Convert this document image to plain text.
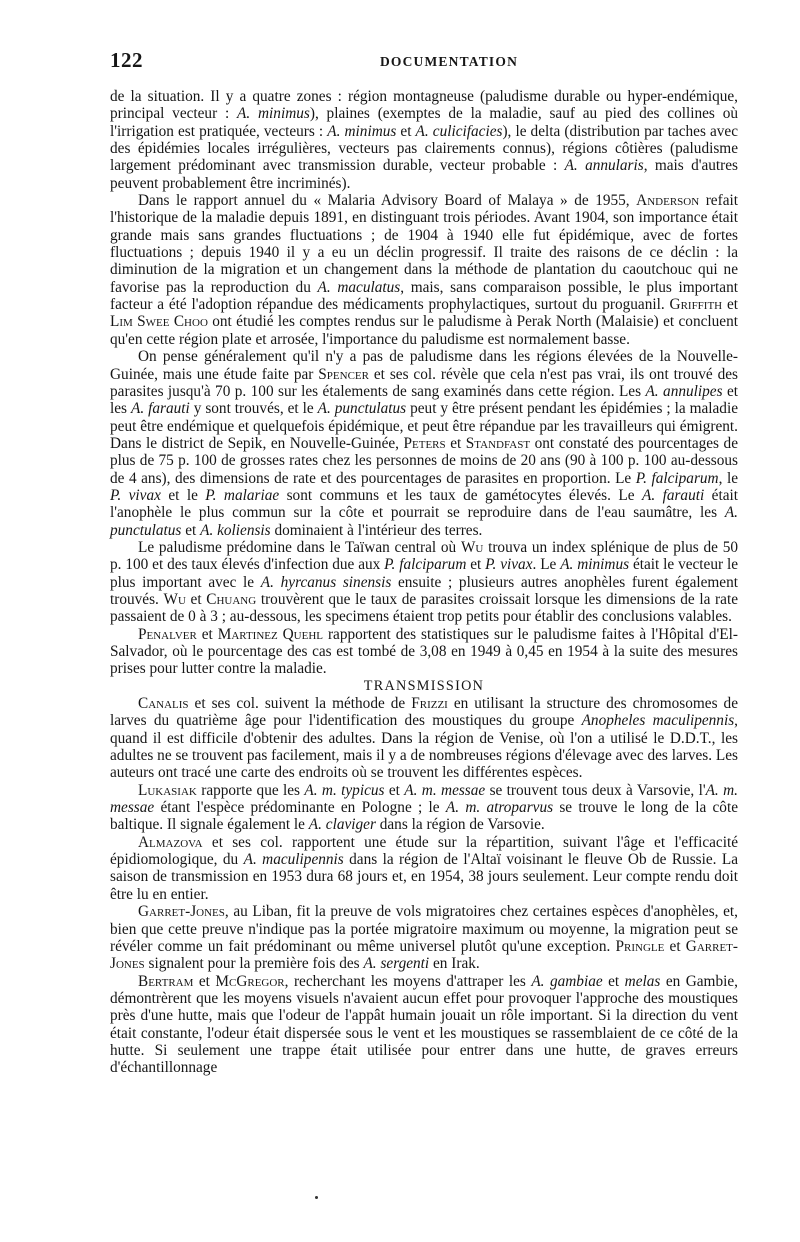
122	DOCUMENTATION

de la situation. Il y a quatre zones : région montagneuse (paludisme durable ou hyper-endémique, principal vecteur : A. minimus), plaines (exemptes de la maladie, sauf au pied des collines où l'irrigation est pratiquée, vecteurs : A. minimus et A. culicifacies), le delta (distribution par taches avec des épidémies locales irrégulières, vecteurs pas clairements connus), régions côtières (paludisme largement prédominant avec transmission durable, vecteur probable : A. annularis, mais d'autres peuvent probablement être incriminés).

Dans le rapport annuel du « Malaria Advisory Board of Malaya » de 1955, Anderson refait l'historique de la maladie depuis 1891, en distinguant trois périodes. Avant 1904, son importance était grande mais sans grandes fluctuations ; de 1904 à 1940 elle fut épidémique, avec de fortes fluctuations ; depuis 1940 il y a eu un déclin progressif. Il traite des raisons de ce déclin : la diminution de la migration et un changement dans la méthode de plantation du caoutchouc qui ne favorise pas la reproduction du A. maculatus, mais, sans comparaison possible, le plus important facteur a été l'adoption répandue des médicaments prophylactiques, surtout du proguanil. Griffith et Lim Swee Choo ont étudié les comptes rendus sur le paludisme à Perak North (Malaisie) et concluent qu'en cette région plate et arrosée, l'importance du paludisme est normalement basse.

On pense généralement qu'il n'y a pas de paludisme dans les régions élevées de la Nouvelle-Guinée, mais une étude faite par Spencer et ses col. révèle que cela n'est pas vrai, ils ont trouvé des parasites jusqu'à 70 p. 100 sur les étalements de sang examinés dans cette région. Les A. annulipes et les A. farauti y sont trouvés, et le A. punctulatus peut y être présent pendant les épidémies ; la maladie peut être endémique et quelquefois épidémique, et peut être répandue par les travailleurs qui émigrent. Dans le district de Sepik, en Nouvelle-Guinée, Peters et Standfast ont constaté des pourcentages de plus de 75 p. 100 de grosses rates chez les personnes de moins de 20 ans (90 à 100 p. 100 au-dessous de 4 ans), des dimensions de rate et des pourcentages de parasites en proportion. Le P. falciparum, le P. vivax et le P. malariae sont communs et les taux de gamétocytes élevés. Le A. farauti était l'anophèle le plus commun sur la côte et pourrait se reproduire dans de l'eau saumâtre, les A. punctulatus et A. koliensis dominaient à l'intérieur des terres.

Le paludisme prédomine dans le Taïwan central où Wu trouva un index splénique de plus de 50 p. 100 et des taux élevés d'infection due aux P. falciparum et P. vivax. Le A. minimus était le vecteur le plus important avec le A. hyrcanus sinensis ensuite ; plusieurs autres anophèles furent également trouvés. Wu et Chuang trouvèrent que le taux de parasites croissait lorsque les dimensions de la rate passaient de 0 à 3 ; au-dessous, les specimens étaient trop petits pour établir des conclusions valables.

Penalver et Martinez Quehl rapportent des statistiques sur le paludisme faites à l'Hôpital d'El-Salvador, où le pourcentage des cas est tombé de 3,08 en 1949 à 0,45 en 1954 à la suite des mesures prises pour lutter contre la maladie.

TRANSMISSION

Canalis et ses col. suivent la méthode de Frizzi en utilisant la structure des chromosomes de larves du quatrième âge pour l'identification des moustiques du groupe Anopheles maculipennis, quand il est difficile d'obtenir des adultes. Dans la région de Venise, où l'on a utilisé le D.D.T., les adultes ne se trouvent pas facilement, mais il y a de nombreuses régions d'élevage avec des larves. Les auteurs ont tracé une carte des endroits où se trouvent les différentes espèces.

Lukasiak rapporte que les A. m. typicus et A. m. messae se trouvent tous deux à Varsovie, l'A. m. messae étant l'espèce prédominante en Pologne ; le A. m. atroparvus se trouve le long de la côte baltique. Il signale également le A. claviger dans la région de Varsovie.

Almazova et ses col. rapportent une étude sur la répartition, suivant l'âge et l'efficacité épidiomologique, du A. maculipennis dans la région de l'Altaï voisinant le fleuve Ob de Russie. La saison de transmission en 1953 dura 68 jours et, en 1954, 38 jours seulement. Leur compte rendu doit être lu en entier.

Garret-Jones, au Liban, fit la preuve de vols migratoires chez certaines espèces d'anophèles, et, bien que cette preuve n'indique pas la portée migratoire maximum ou moyenne, la migration peut se révéler comme un fait prédominant ou même universel plutôt qu'une exception. Pringle et Garret-Jones signalent pour la première fois des A. sergenti en Irak.

Bertram et McGregor, recherchant les moyens d'attraper les A. gambiae et melas en Gambie, démontrèrent que les moyens visuels n'avaient aucun effet pour provoquer l'approche des moustiques près d'une hutte, mais que l'odeur de l'appât humain jouait un rôle important. Si la direction du vent était constante, l'odeur était dispersée sous le vent et les moustiques se rassemblaient de ce côté de la hutte. Si seulement une trappe était utilisée pour entrer dans une hutte, de graves erreurs d'échantillonnage
